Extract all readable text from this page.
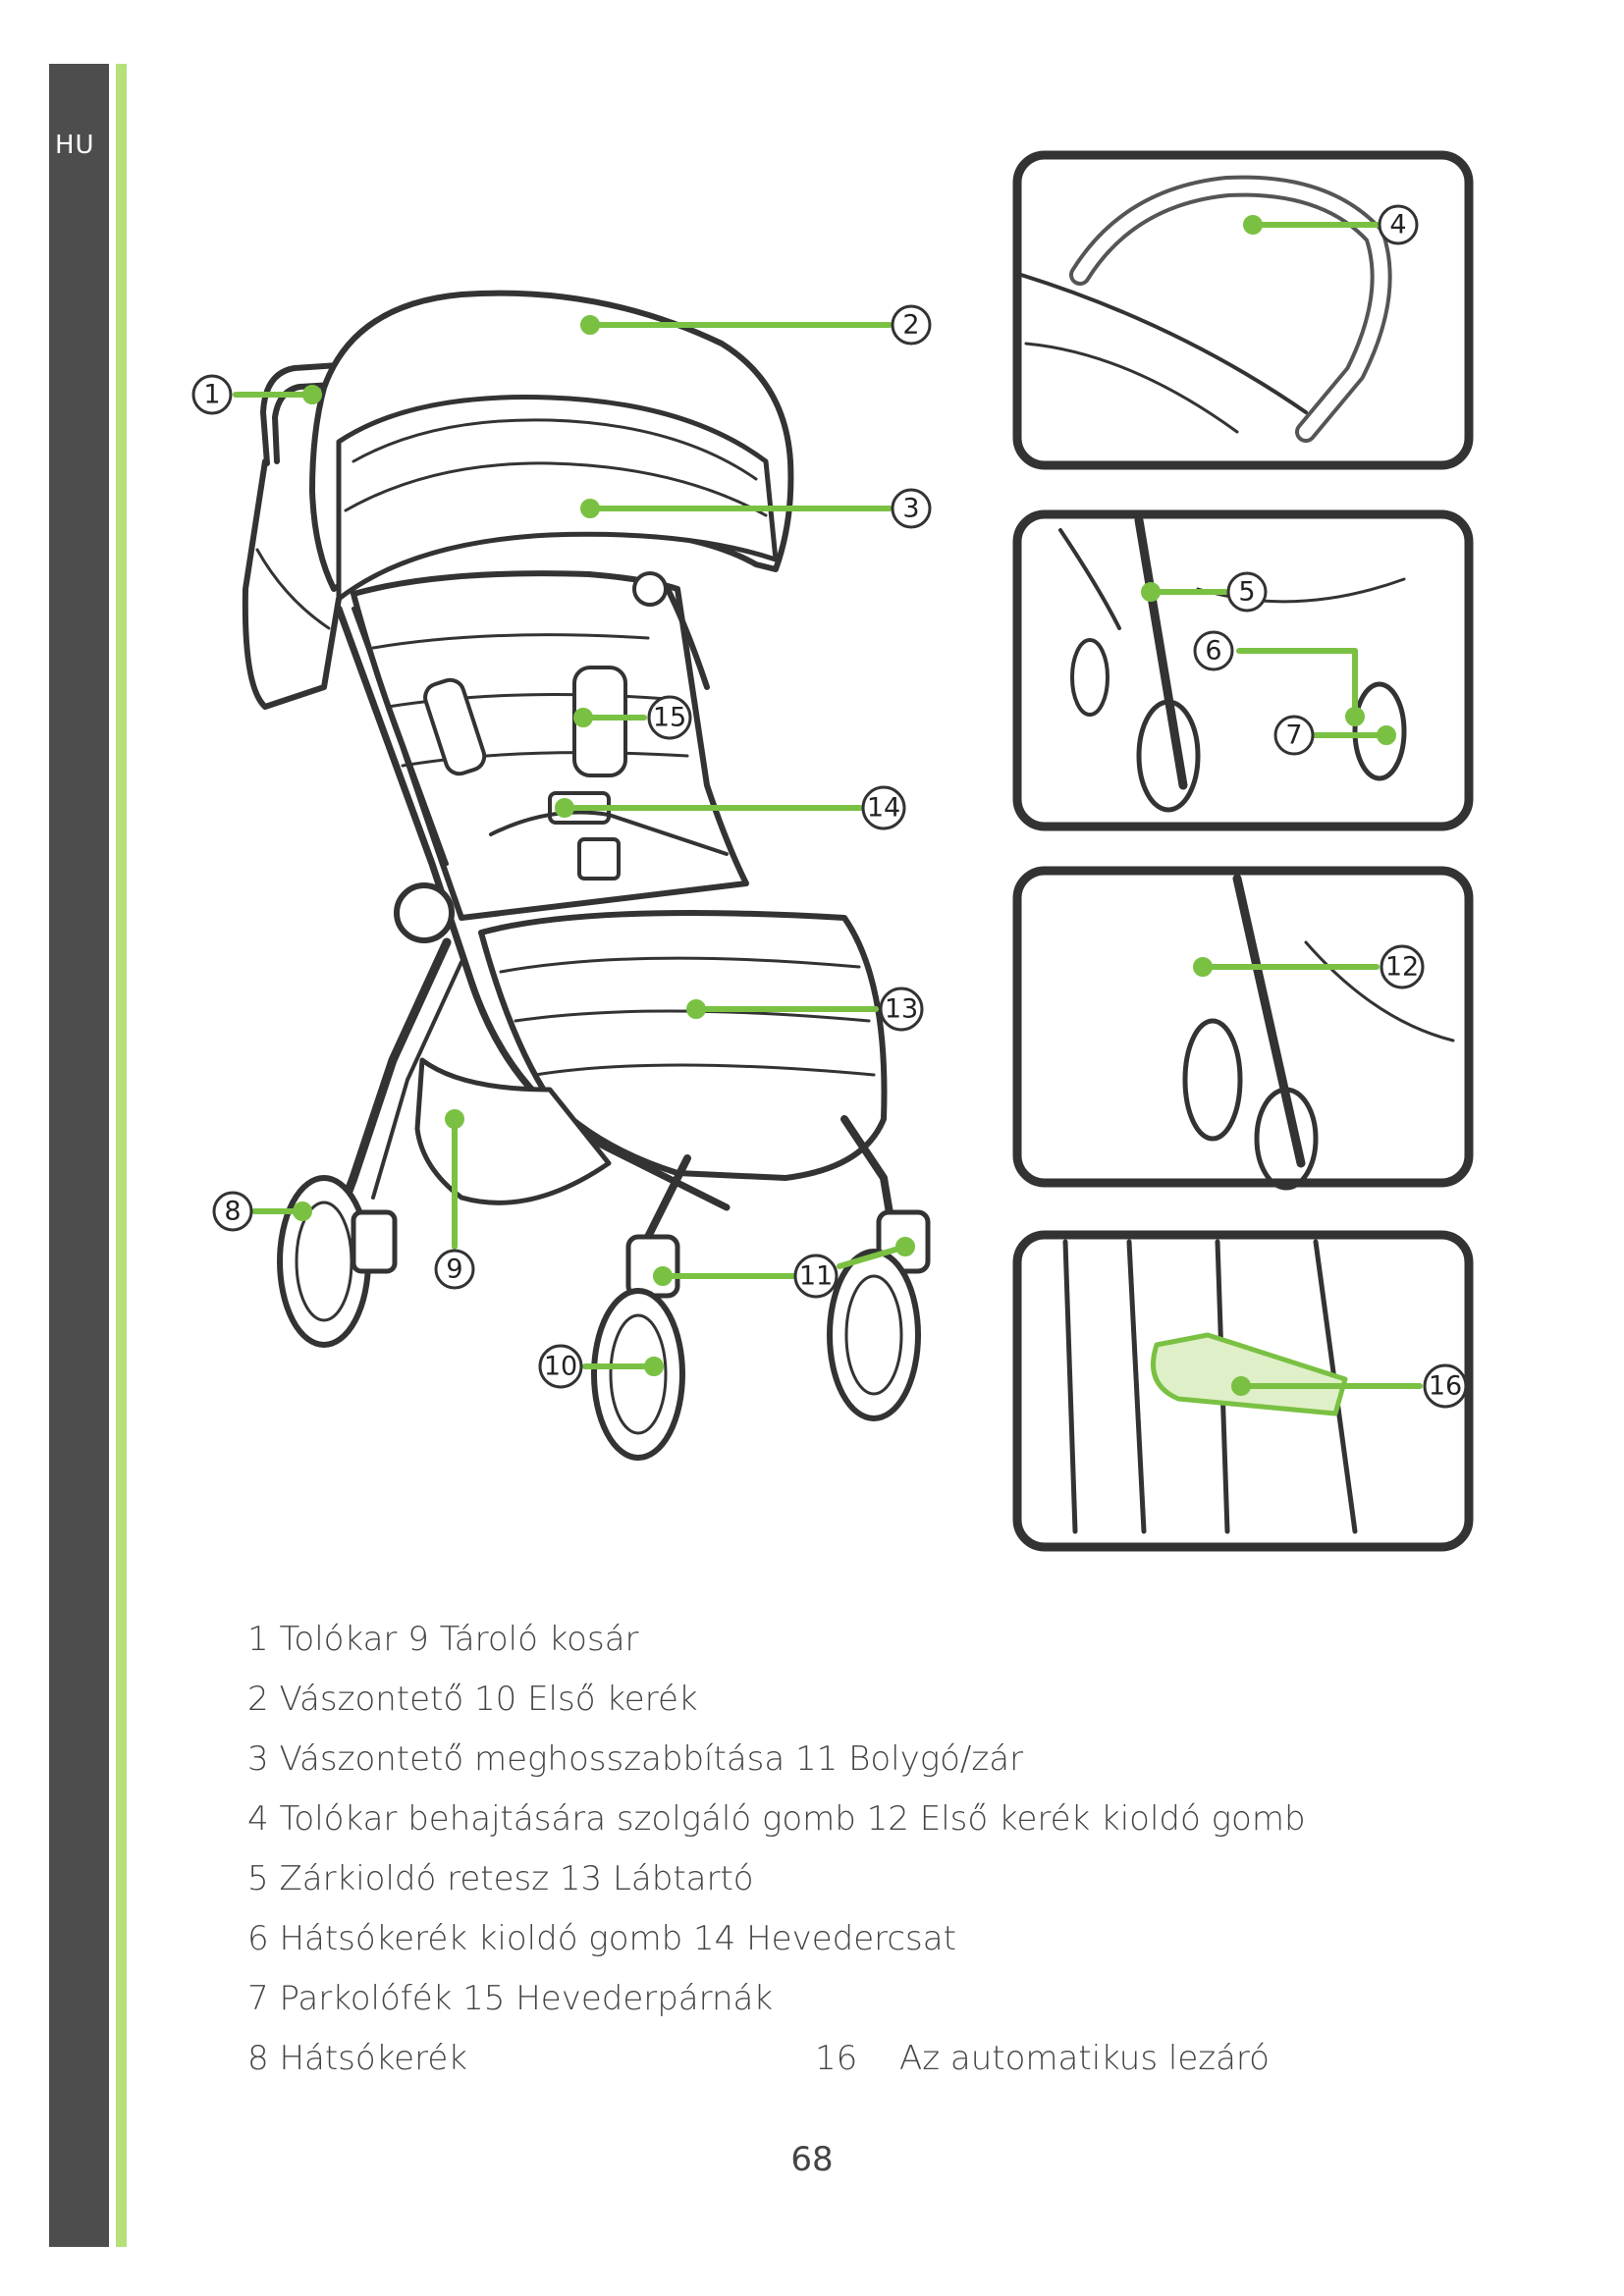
HU
1
2
3
4
5
6
7
8
9
10
11
12
13
14
15
16
1 Tolókar 9 Tároló kosár
2 Vászontető 10 Első kerék
3 Vászontető meghosszabbítása 11 Bolygó/zár
4 Tolókar behajtására szolgáló gomb 12 Első kerék kioldó gomb
5 Zárkioldó retesz 13 Lábtartó
6 Hátsókerék kioldó gomb 14 Hevedercsat
7 Parkolófék 15 Hevederpárnák
8 Hátsókerék	16 Az automatikus lezáró
68
